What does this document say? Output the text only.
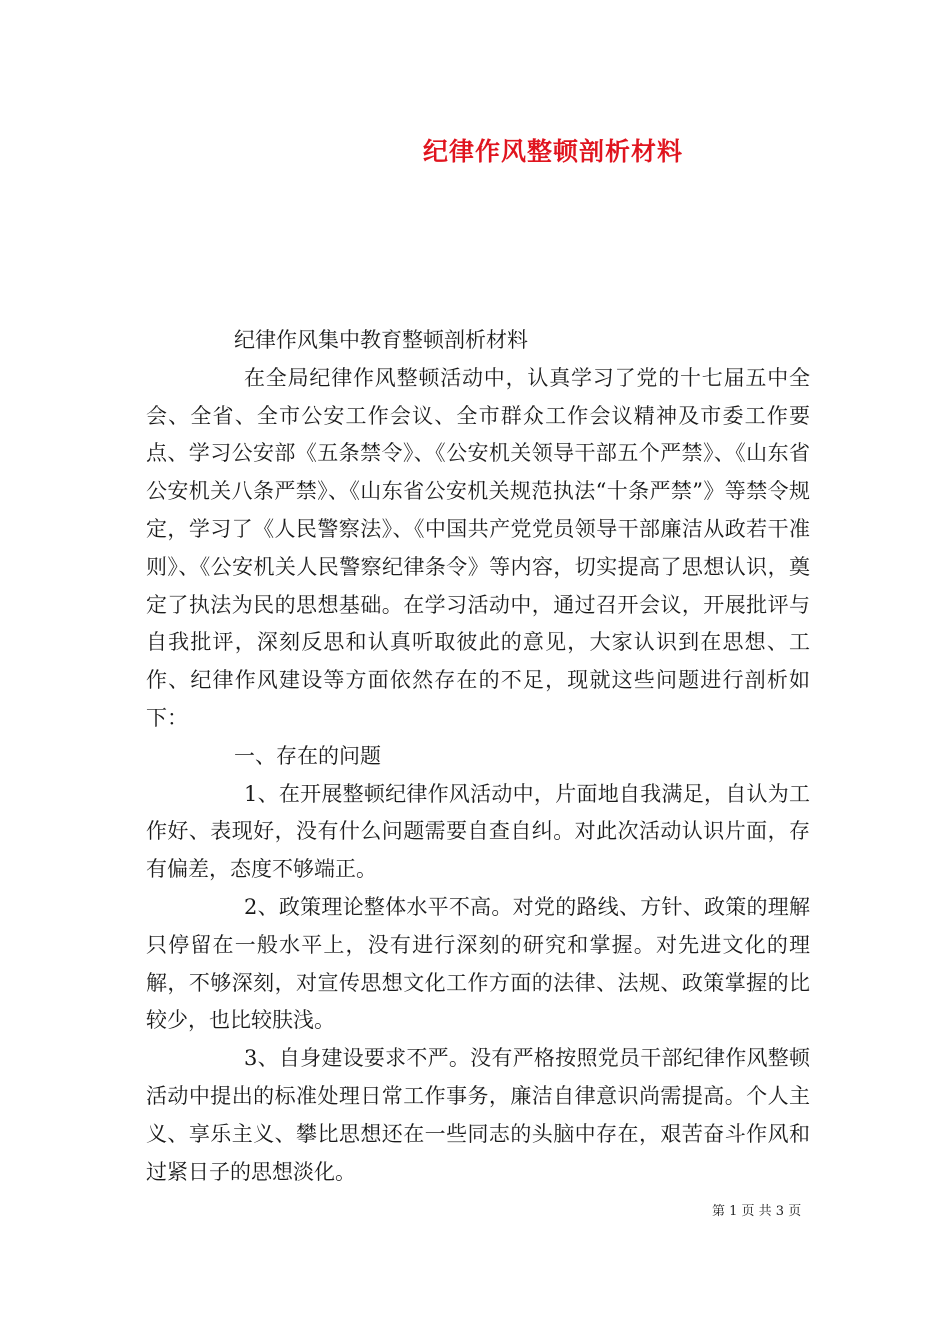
纪律作风整顿剖析材料

纪律作风集中教育整顿剖析材料

在全局纪律作风整顿活动中，认真学习了党的十七届五中全会、全省、全市公安工作会议、全市群众工作会议精神及市委工作要点、学习公安部《五条禁令》、《公安机关领导干部五个严禁》、《山东省公安机关八条严禁》、《山东省公安机关规范执法“十条严禁”》等禁令规定，学习了《人民警察法》、《中国共产党党员领导干部廉洁从政若干准则》、《公安机关人民警察纪律条令》等内容，切实提高了思想认识，奠定了执法为民的思想基础。在学习活动中，通过召开会议，开展批评与自我批评，深刻反思和认真听取彼此的意见，大家认识到在思想、工作、纪律作风建设等方面依然存在的不足，现就这些问题进行剖析如下：

一、存在的问题

1、在开展整顿纪律作风活动中，片面地自我满足，自认为工作好、表现好，没有什么问题需要自查自纠。对此次活动认识片面，存有偏差，态度不够端正。

2、政策理论整体水平不高。对党的路线、方针、政策的理解只停留在一般水平上，没有进行深刻的研究和掌握。对先进文化的理解，不够深刻，对宣传思想文化工作方面的法律、法规、政策掌握的比较少，也比较肤浅。

3、自身建设要求不严。没有严格按照党员干部纪律作风整顿活动中提出的标准处理日常工作事务，廉洁自律意识尚需提高。个人主义、享乐主义、攀比思想还在一些同志的头脑中存在，艰苦奋斗作风和过紧日子的思想淡化。

第 1 页 共 3 页
